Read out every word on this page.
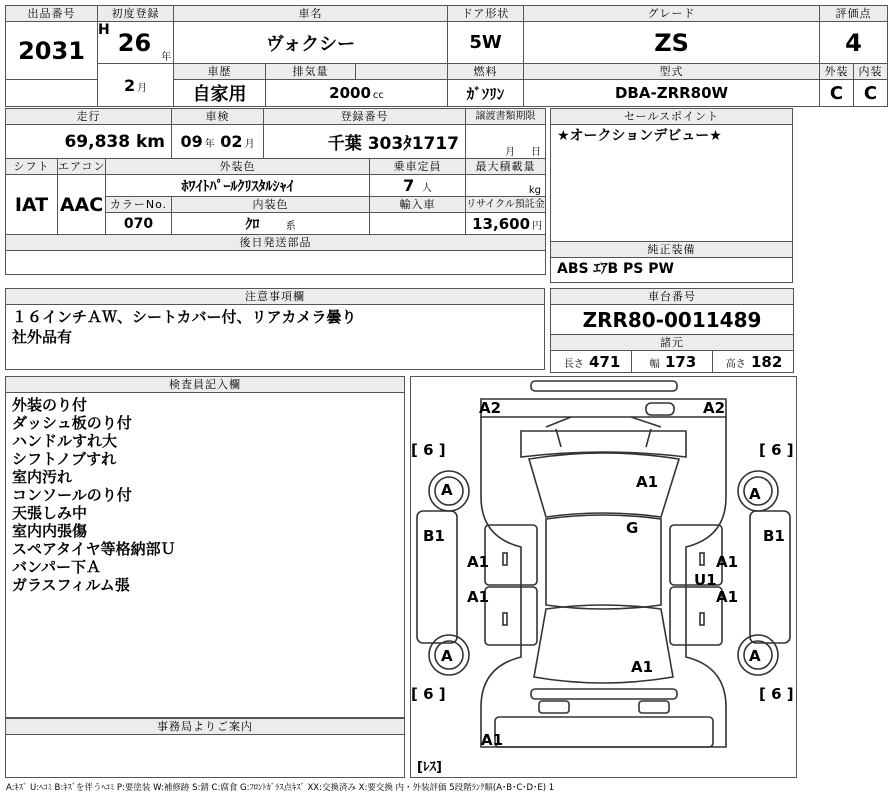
出品番号	初度登録			車名			ドア形状	グレード	評価点	
2031	H	26	年	ヴォクシー			5W	ZS	4	

	2 月			車歴	排気量		燃料	型式	外装	内装
				自家用	2000 cc		ｶﾞｿﾘﾝ	DBA-ZRR80W	C	C
走行			車検	登録番号		譲渡書類期限
69,838 km			09 年 02 月	千葉 303ﾀ1717		月 日
シフト	エアコン	外装色			乗車定員	最大積載量
IAT	AAC	ﾎﾜｲﾄﾊﾟｰﾙｸﾘｽﾀﾙｼｬｲ			7 人	kg
		カラーNo.	内装色		輸入車	リサイクル預託金
		070	ｸﾛ 系			13,600 円
後日発送部品						

セールスポイント
★オークションデビュー★
純正装備
ABS ｴｱB PS PW
注意事項欄
１６インチＡＷ、シートカバー付、リアカメラ曇り
社外品有
車台番号
ZRR80-0011489
諸元
長さ 471	幅 173	高さ 182
検査員記入欄
外装のり付
ダッシュ板のり付
ハンドルすれ大
シフトノブすれ
室内汚れ
コンソールのり付
天張しみ中
室内内張傷
スペアタイヤ等格納部Ｕ
バンパー下Ａ
ガラスフィルム張
事務局よりご案内
A2	A2
[ 6 ]	[ 6 ]
A1
G
B1	B1
A
A	A
A1
A1
A1
U1
A1
A1
[ 6 ]	[ 6 ]
A1
[ﾚｽ]
A
A:ｷｽﾞ U:ﾍｺﾐ B:ｷｽﾞを伴うﾍｺﾐ P:要塗装 W:補修跡 S:錆 C:腐食 G:ﾌﾛﾝﾄｶﾞﾗｽ点ｷｽﾞ XX:交換済み X:要交換 内・外装評価 5段階ﾗﾝｸ順(A･B･C･D･E) 1
